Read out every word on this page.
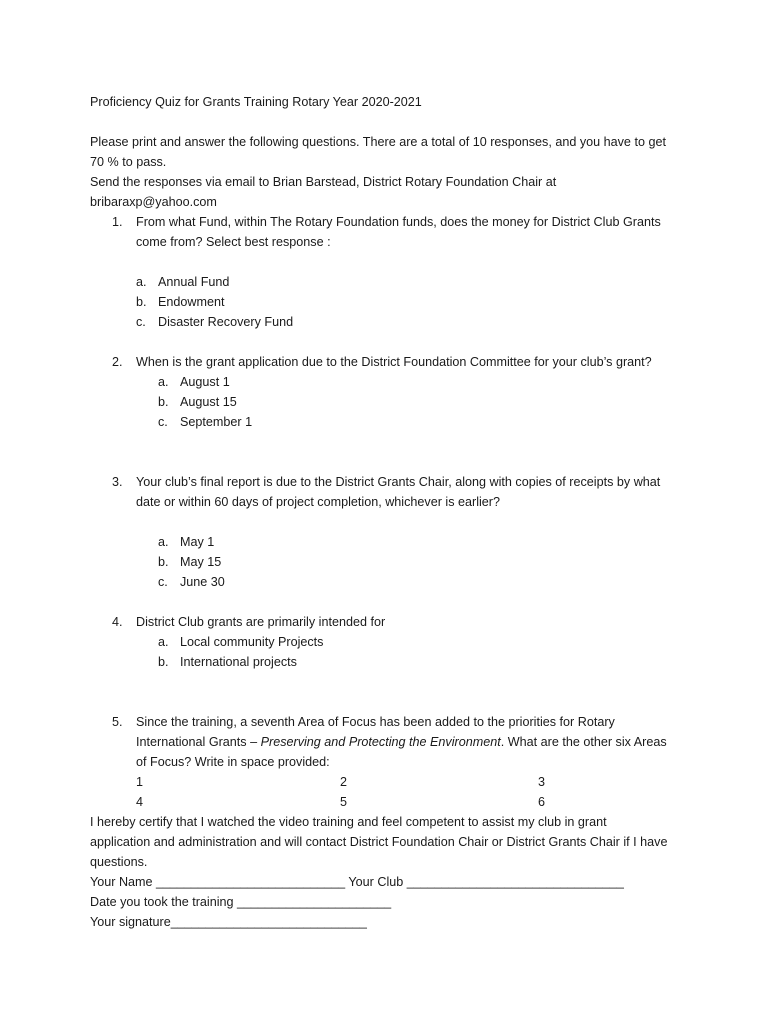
Proficiency Quiz for Grants Training Rotary Year 2020-2021
Please print and answer the following questions. There are a total of 10 responses, and you have to get
70 % to pass.
Send the responses via email to Brian Barstead, District Rotary Foundation Chair at
bribaraxp@yahoo.com
1. From what Fund, within The Rotary Foundation funds, does the money for District Club Grants
come from? Select best response :
a. Annual Fund
b. Endowment
c. Disaster Recovery Fund
2. When is the grant application due to the District Foundation Committee for your club’s grant?
a. August 1
b. August 15
c. September 1
3. Your club’s final report is due to the District Grants Chair, along with copies of receipts by what
date or within 60 days of project completion, whichever is earlier?
a. May 1
b. May 15
c. June 30
4. District Club grants are primarily intended for
a. Local community Projects
b. International projects
5. Since the training, a seventh Area of Focus has been added to the priorities for Rotary
International Grants – Preserving and Protecting the Environment. What are the other six Areas
of Focus? Write in space provided:
1	2	3
4	5	6
I hereby certify that I watched the video training and feel competent to assist my club in grant
application and administration and will contact District Foundation Chair or District Grants Chair if I have
questions.
Your Name ___________________________ Your Club _______________________________
Date you took the training ______________________
Your signature____________________________
